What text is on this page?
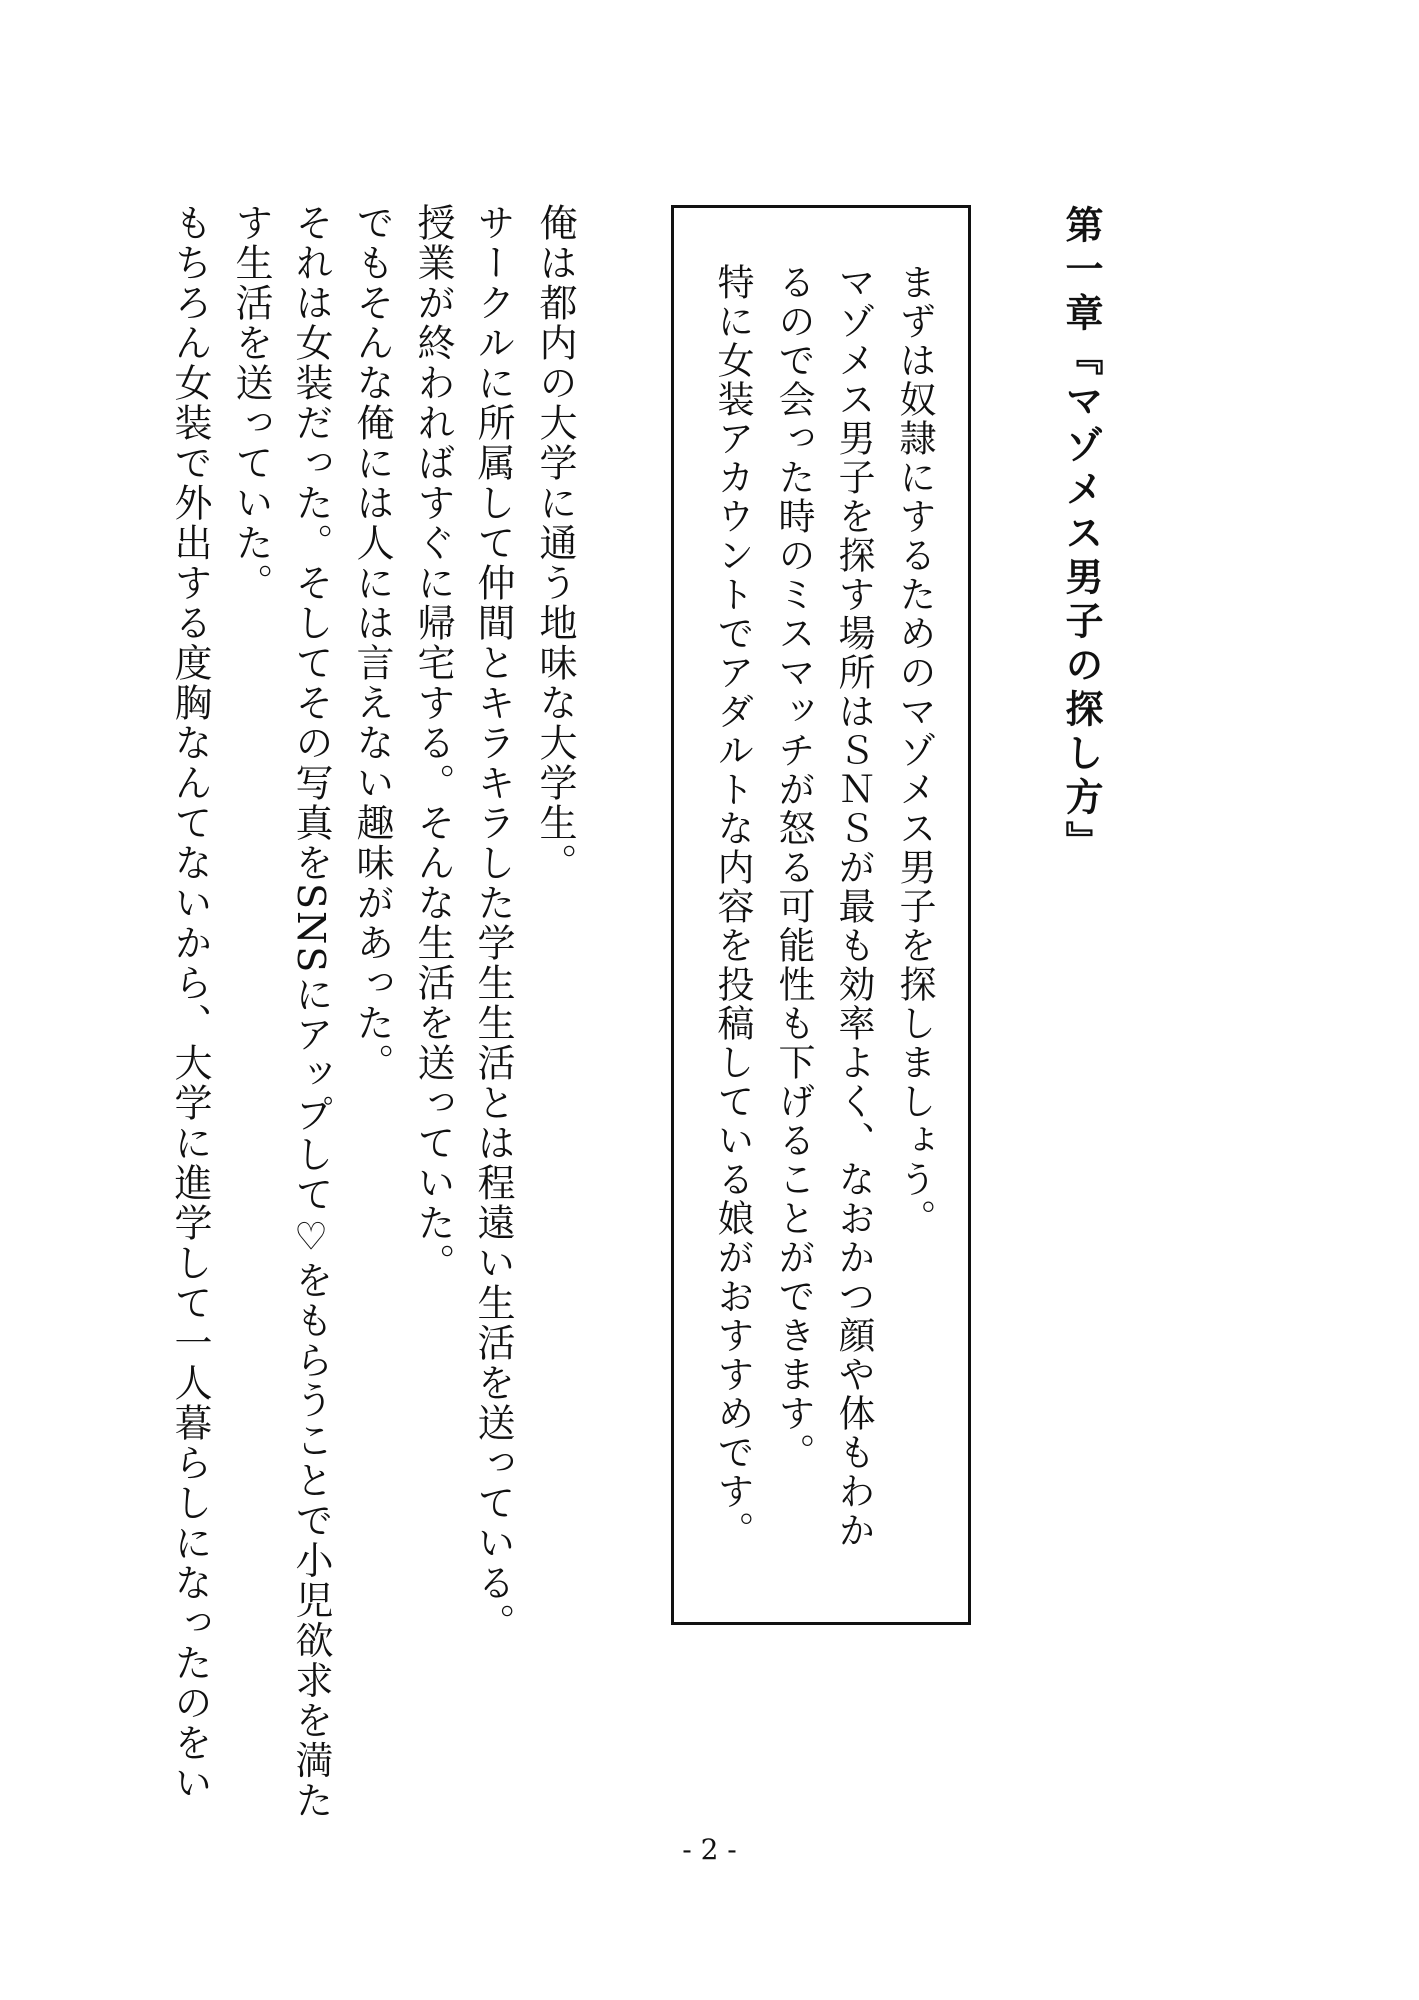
第一章『マゾメス男子の探し方』

まずは奴隷にするためのマゾメス男子を探しましょう。

マゾメス男子を探す場所はＳＮＳが最も効率よく、なおかつ顔や体もわか

るので会った時のミスマッチが怒る可能性も下げることができます。

特に女装アカウントでアダルトな内容を投稿している娘がおすすめです。

俺は都内の大学に通う地味な大学生。

サークルに所属して仲間とキラキラした学生生活とは程遠い生活を送っている。

授業が終わればすぐに帰宅する。そんな生活を送っていた。

でもそんな俺には人には言えない趣味があった。

それは女装だった。そしてその写真をSNSにアップして♡をもらうことで小児欲求を満た

す生活を送っていた。

もちろん女装で外出する度胸なんてないから、大学に進学して一人暮らしになったのをい

- 2 -
